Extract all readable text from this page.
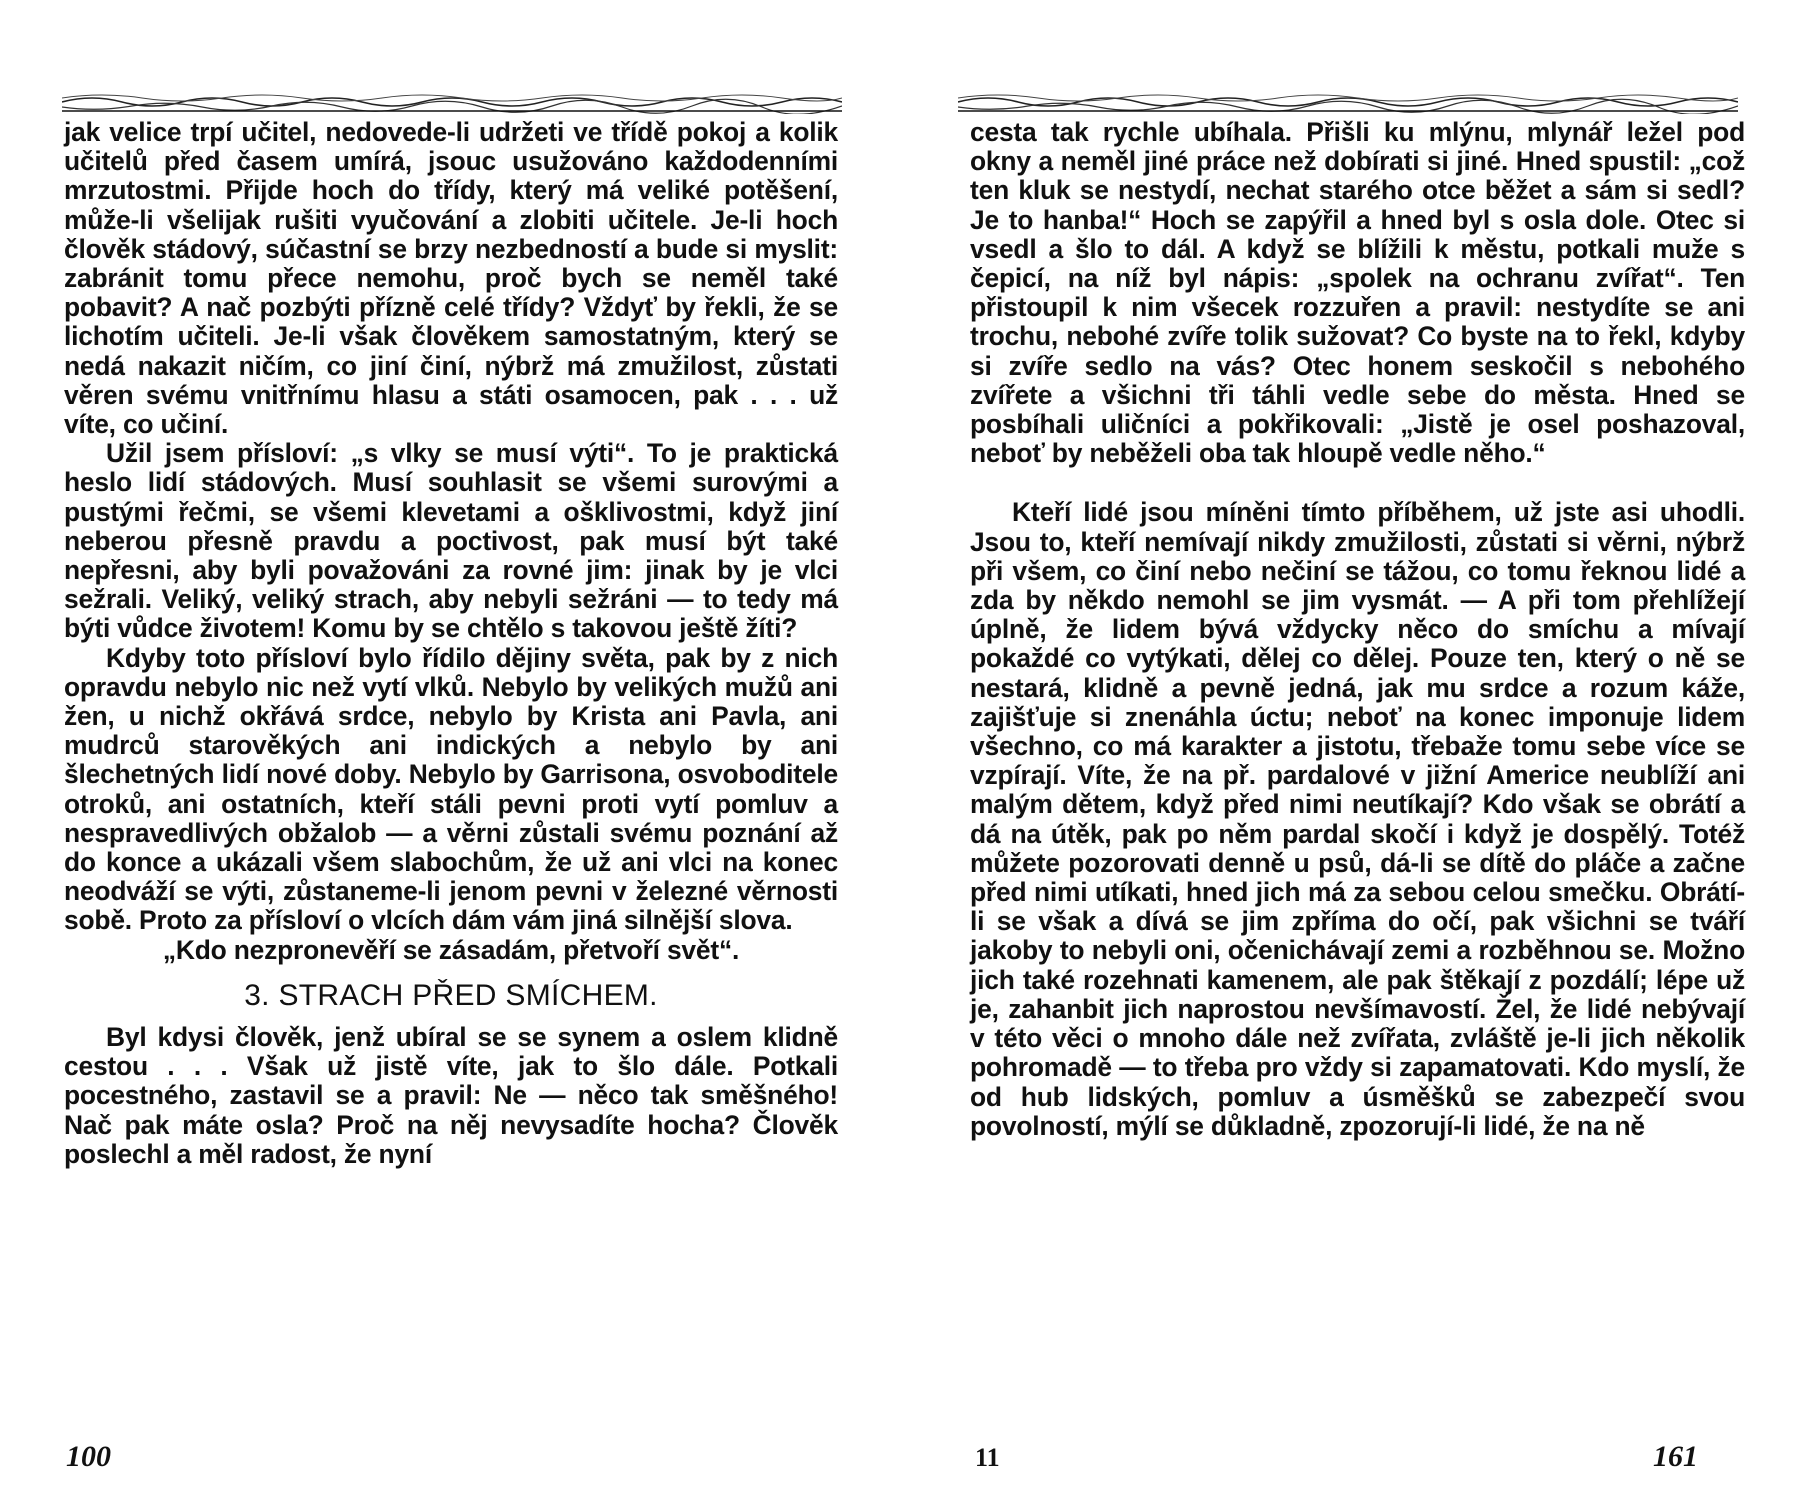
jak velice trpí učitel, nedovede-li udržeti ve třídě pokoj a kolik učitelů před časem umírá, jsouc usužováno každodenními mrzutostmi. Přijde hoch do třídy, který má veliké potěšení, může-li všelijak rušiti vyučování a zlobiti učitele. Je-li hoch člověk stádový, súčastní se brzy nezbedností a bude si myslit: zabránit tomu přece nemohu, proč bych se neměl také pobavit? A nač pozbýti přízně celé třídy? Vždyť by řekli, že se lichotím učiteli. Je-li však člověkem samostatným, který se nedá nakazit ničím, co jiní činí, nýbrž má zmužilost, zůstati věren svému vnitřnímu hlasu a státi osamocen, pak . . . už víte, co učiní.

Užil jsem přísloví: „s vlky se musí výti“. To je praktická heslo lidí stádových. Musí souhlasit se všemi surovými a pustými řečmi, se všemi klevetami a ošklivostmi, když jiní neberou přesně pravdu a poctivost, pak musí být také nepřesni, aby byli považováni za rovné jim: jinak by je vlci sežrali. Veliký, veliký strach, aby nebyli sežráni — to tedy má býti vůdce životem! Komu by se chtělo s takovou ještě žíti?

Kdyby toto přísloví bylo řídilo dějiny světa, pak by z nich opravdu nebylo nic než vytí vlků. Nebylo by velikých mužů ani žen, u nichž okřává srdce, nebylo by Krista ani Pavla, ani mudrců starověkých ani indických a nebylo by ani šlechetných lidí nové doby. Nebylo by Garrisona, osvoboditele otroků, ani ostatních, kteří stáli pevni proti vytí pomluv a nespravedlivých obžalob — a věrni zůstali svému poznání až do konce a ukázali všem slabochům, že už ani vlci na konec neodváží se výti, zůstaneme-li jenom pevni v železné věrnosti sobě. Proto za přísloví o vlcích dám vám jiná silnější slova.

„Kdo nezpronevěří se zásadám, přetvoří svět“.

3. STRACH PŘED SMÍCHEM.

Byl kdysi člověk, jenž ubíral se se synem a oslem klidně cestou . . . Však už jistě víte, jak to šlo dále. Potkali pocestného, zastavil se a pravil: Ne — něco tak směšného! Nač pak máte osla? Proč na něj nevysadíte hocha? Člověk poslechl a měl radost, že nyní

100	11

cesta tak rychle ubíhala. Přišli ku mlýnu, mlynář ležel pod okny a neměl jiné práce než dobírati si jiné. Hned spustil: „což ten kluk se nestydí, nechat starého otce běžet a sám si sedl? Je to hanba!“ Hoch se zapýřil a hned byl s osla dole. Otec si vsedl a šlo to dál. A když se blížili k městu, potkali muže s čepicí, na níž byl nápis: „spolek na ochranu zvířat“. Ten přistoupil k nim všecek rozzuřen a pravil: nestydíte se ani trochu, nebohé zvíře tolik sužovat? Co byste na to řekl, kdyby si zvíře sedlo na vás? Otec honem seskočil s nebohého zvířete a všichni tři táhli vedle sebe do města. Hned se posbíhali uličníci a pokřikovali: „Jistě je osel poshazoval, neboť by neběželi oba tak hloupě vedle něho.“

Kteří lidé jsou míněni tímto příběhem, už jste asi uhodli. Jsou to, kteří nemívají nikdy zmužilosti, zůstati si věrni, nýbrž při všem, co činí nebo nečiní se tážou, co tomu řeknou lidé a zda by někdo nemohl se jim vysmát. — A při tom přehlížejí úplně, že lidem bývá vždycky něco do smíchu a mívají pokaždé co vytýkati, dělej co dělej. Pouze ten, který o ně se nestará, klidně a pevně jedná, jak mu srdce a rozum káže, zajišťuje si znenáhla úctu; neboť na konec imponuje lidem všechno, co má karakter a jistotu, třebaže tomu sebe více se vzpírají. Víte, že na př. pardalové v jižní Americe neublíží ani malým dětem, když před nimi neutíkají? Kdo však se obrátí a dá na útěk, pak po něm pardal skočí i když je dospělý. Totéž můžete pozorovati denně u psů, dá-li se dítě do pláče a začne před nimi utíkati, hned jich má za sebou celou smečku. Obrátí-li se však a dívá se jim zpříma do očí, pak všichni se tváří jakoby to nebyli oni, očenichávají zemi a rozběhnou se. Možno jich také rozehnati kamenem, ale pak štěkají z pozdálí; lépe už je, zahanbit jich naprostou nevšímavostí. Žel, že lidé nebývají v této věci o mnoho dále než zvířata, zvláště je-li jich několik pohromadě — to třeba pro vždy si zapamatovati. Kdo myslí, že od hub lidských, pomluv a úsměšků se zabezpečí svou povolností, mýlí se důkladně, zpozorují-li lidé, že na ně

161
